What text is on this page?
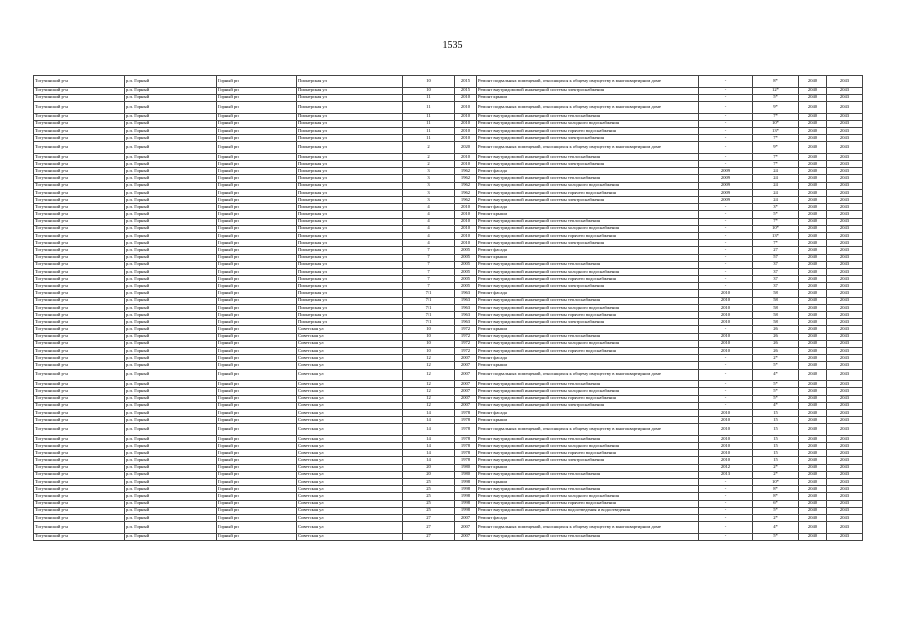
1535
Тогучинский р-н	р.п. Горный	Горный рп	Пионерская ул	10	2015	Ремонт подвальных помещений, относящихся к общему имуществу в многоквартирном доме	-	8*	2040	2043
Тогучинский р-н	р.п. Горный	Горный рп	Пионерская ул	10	2015	Ремонт внутридомовой инженерной системы электроснабжения	-	12*	2040	2043
Тогучинский р-н	р.п. Горный	Горный рп	Пионерская ул	11	2010	Ремонт крыши	-	5*	2040	2043
Тогучинский р-н	р.п. Горный	Горный рп	Пионерская ул	11	2010	Ремонт подвальных помещений, относящихся к общему имуществу в многоквартирном доме	-	9*	2040	2043
Тогучинский р-н	р.п. Горный	Горный рп	Пионерская ул	11	2010	Ремонт внутридомовой инженерной системы теплоснабжения	-	7*	2040	2043
Тогучинский р-н	р.п. Горный	Горный рп	Пионерская ул	11	2010	Ремонт внутридомовой инженерной системы холодного водоснабжения	-	10*	2040	2043
Тогучинский р-н	р.п. Горный	Горный рп	Пионерская ул	11	2010	Ремонт внутридомовой инженерной системы горячего водоснабжения	-	13*	2040	2043
Тогучинский р-н	р.п. Горный	Горный рп	Пионерская ул	11	2010	Ремонт внутридомовой инженерной системы электроснабжения	-	7*	2040	2043
Тогучинский р-н	р.п. Горный	Горный рп	Пионерская ул	2	2020	Ремонт подвальных помещений, относящихся к общему имуществу в многоквартирном доме	-	9*	2040	2043
Тогучинский р-н	р.п. Горный	Горный рп	Пионерская ул	2	2010	Ремонт внутридомовой инженерной системы теплоснабжения	-	7*	2040	2043
Тогучинский р-н	р.п. Горный	Горный рп	Пионерская ул	2	2010	Ремонт внутридомовой инженерной системы электроснабжения	-	7*	2040	2043
Тогучинский р-н	р.п. Горный	Горный рп	Пионерская ул	3	1962	Ремонт фасада	2009	24	2040	2043
Тогучинский р-н	р.п. Горный	Горный рп	Пионерская ул	3	1962	Ремонт внутридомовой инженерной системы теплоснабжения	2009	24	2040	2043
Тогучинский р-н	р.п. Горный	Горный рп	Пионерская ул	3	1962	Ремонт внутридомовой инженерной системы холодного водоснабжения	2009	24	2040	2043
Тогучинский р-н	р.п. Горный	Горный рп	Пионерская ул	3	1962	Ремонт внутридомовой инженерной системы горячего водоснабжения	2009	24	2040	2043
Тогучинский р-н	р.п. Горный	Горный рп	Пионерская ул	3	1962	Ремонт внутридомовой инженерной системы электроснабжения	2009	24	2040	2043
Тогучинский р-н	р.п. Горный	Горный рп	Пионерская ул	4	2010	Ремонт фасада	-	3*	2040	2043
Тогучинский р-н	р.п. Горный	Горный рп	Пионерская ул	4	2010	Ремонт крыши	-	5*	2040	2043
Тогучинский р-н	р.п. Горный	Горный рп	Пионерская ул	4	2010	Ремонт внутридомовой инженерной системы теплоснабжения	-	7*	2040	2043
Тогучинский р-н	р.п. Горный	Горный рп	Пионерская ул	4	2010	Ремонт внутридомовой инженерной системы холодного водоснабжения	-	10*	2040	2043
Тогучинский р-н	р.п. Горный	Горный рп	Пионерская ул	4	2010	Ремонт внутридомовой инженерной системы горячего водоснабжения	-	13*	2040	2043
Тогучинский р-н	р.п. Горный	Горный рп	Пионерская ул	4	2010	Ремонт внутридомовой инженерной системы электроснабжения	-	7*	2040	2043
Тогучинский р-н	р.п. Горный	Горный рп	Пионерская ул	7	2005	Ремонт фасада	-	27	2040	2043
Тогучинский р-н	р.п. Горный	Горный рп	Пионерская ул	7	2005	Ремонт крыши	-	57	2040	2043
Тогучинский р-н	р.п. Горный	Горный рп	Пионерская ул	7	2005	Ремонт внутридомовой инженерной системы теплоснабжения	-	37	2040	2043
Тогучинский р-н	р.п. Горный	Горный рп	Пионерская ул	7	2005	Ремонт внутридомовой инженерной системы холодного водоснабжения	-	37	2040	2043
Тогучинский р-н	р.п. Горный	Горный рп	Пионерская ул	7	2005	Ремонт внутридомовой инженерной системы горячего водоснабжения	-	37	2040	2043
Тогучинский р-н	р.п. Горный	Горный рп	Пионерская ул	7	2005	Ремонт внутридомовой инженерной системы электроснабжения	-	37	2040	2043
Тогучинский р-н	р.п. Горный	Горный рп	Пионерская ул	7/1	1963	Ремонт фасада	2010	58	2040	2043
Тогучинский р-н	р.п. Горный	Горный рп	Пионерская ул	7/1	1963	Ремонт внутридомовой инженерной системы теплоснабжения	2010	58	2040	2043
Тогучинский р-н	р.п. Горный	Горный рп	Пионерская ул	7/1	1963	Ремонт внутридомовой инженерной системы холодного водоснабжения	2010	58	2040	2043
Тогучинский р-н	р.п. Горный	Горный рп	Пионерская ул	7/1	1963	Ремонт внутридомовой инженерной системы горячего водоснабжения	2010	58	2040	2043
Тогучинский р-н	р.п. Горный	Горный рп	Пионерская ул	7/1	1963	Ремонт внутридомовой инженерной системы электроснабжения	2010	58	2040	2043
Тогучинский р-н	р.п. Горный	Горный рп	Советская ул	10	1972	Ремонт крыши	-	26	2040	2043
Тогучинский р-н	р.п. Горный	Горный рп	Советская ул	10	1972	Ремонт внутридомовой инженерной системы теплоснабжения	2010	26	2040	2043
Тогучинский р-н	р.п. Горный	Горный рп	Советская ул	10	1972	Ремонт внутридомовой инженерной системы холодного водоснабжения	2010	26	2040	2043
Тогучинский р-н	р.п. Горный	Горный рп	Советская ул	10	1972	Ремонт внутридомовой инженерной системы горячего водоснабжения	2010	26	2040	2043
Тогучинский р-н	р.п. Горный	Горный рп	Советская ул	12	2007	Ремонт фасада	-	2*	2040	2043
Тогучинский р-н	р.п. Горный	Горный рп	Советская ул	12	2007	Ремонт крыши	-	5*	2040	2043
Тогучинский р-н	р.п. Горный	Горный рп	Советская ул	12	2007	Ремонт подвальных помещений, относящихся к общему имуществу в многоквартирном доме	-	4*	2040	2043
Тогучинский р-н	р.п. Горный	Горный рп	Советская ул	12	2007	Ремонт внутридомовой инженерной системы теплоснабжения	-	5*	2040	2043
Тогучинский р-н	р.п. Горный	Горный рп	Советская ул	12	2007	Ремонт внутридомовой инженерной системы холодного водоснабжения	-	5*	2040	2043
Тогучинский р-н	р.п. Горный	Горный рп	Советская ул	12	2007	Ремонт внутридомовой инженерной системы горячего водоснабжения	-	5*	2040	2043
Тогучинский р-н	р.п. Горный	Горный рп	Советская ул	12	2007	Ремонт внутридомовой инженерной системы электроснабжения	-	4*	2040	2043
Тогучинский р-н	р.п. Горный	Горный рп	Советская ул	14	1978	Ремонт фасада	2010	15	2040	2043
Тогучинский р-н	р.п. Горный	Горный рп	Советская ул	14	1978	Ремонт крыши	2010	15	2040	2043
Тогучинский р-н	р.п. Горный	Горный рп	Советская ул	14	1978	Ремонт подвальных помещений, относящихся к общему имуществу в многоквартирном доме	2010	15	2040	2043
Тогучинский р-н	р.п. Горный	Горный рп	Советская ул	14	1978	Ремонт внутридомовой инженерной системы теплоснабжения	2010	15	2040	2043
Тогучинский р-н	р.п. Горный	Горный рп	Советская ул	14	1978	Ремонт внутридомовой инженерной системы холодного водоснабжения	2010	15	2040	2043
Тогучинский р-н	р.п. Горный	Горный рп	Советская ул	14	1978	Ремонт внутридомовой инженерной системы горячего водоснабжения	2010	15	2040	2043
Тогучинский р-н	р.п. Горный	Горный рп	Советская ул	14	1978	Ремонт внутридомовой инженерной системы электроснабжения	2010	15	2040	2043
Тогучинский р-н	р.п. Горный	Горный рп	Советская ул	20	1980	Ремонт крыши	2012	2*	2040	2043
Тогучинский р-н	р.п. Горный	Горный рп	Советская ул	20	1980	Ремонт внутридомовой инженерной системы теплоснабжения	2013	2*	2040	2043
Тогучинский р-н	р.п. Горный	Горный рп	Советская ул	25	1998	Ремонт крыши	-	10*	2040	2043
Тогучинский р-н	р.п. Горный	Горный рп	Советская ул	25	1998	Ремонт внутридомовой инженерной системы теплоснабжения	-	8*	2040	2043
Тогучинский р-н	р.п. Горный	Горный рп	Советская ул	25	1998	Ремонт внутридомовой инженерной системы холодного водоснабжения	-	8*	2040	2043
Тогучинский р-н	р.п. Горный	Горный рп	Советская ул	25	1998	Ремонт внутридомовой инженерной системы горячего водоснабжения	-	6*	2040	2043
Тогучинский р-н	р.п. Горный	Горный рп	Советская ул	25	1998	Ремонт внутридомовой инженерной системы водоотведения и водоотведения	-	5*	2040	2043
Тогучинский р-н	р.п. Горный	Горный рп	Советская ул	27	2007	Ремонт фасада	-	2*	2040	2043
Тогучинский р-н	р.п. Горный	Горный рп	Советская ул	27	2007	Ремонт подвальных помещений, относящихся к общему имуществу в многоквартирном доме	-	4*	2040	2043
Тогучинский р-н	р.п. Горный	Горный рп	Советская ул	27	2007	Ремонт внутридомовой инженерной системы теплоснабжения	-	5*	2040	2043
